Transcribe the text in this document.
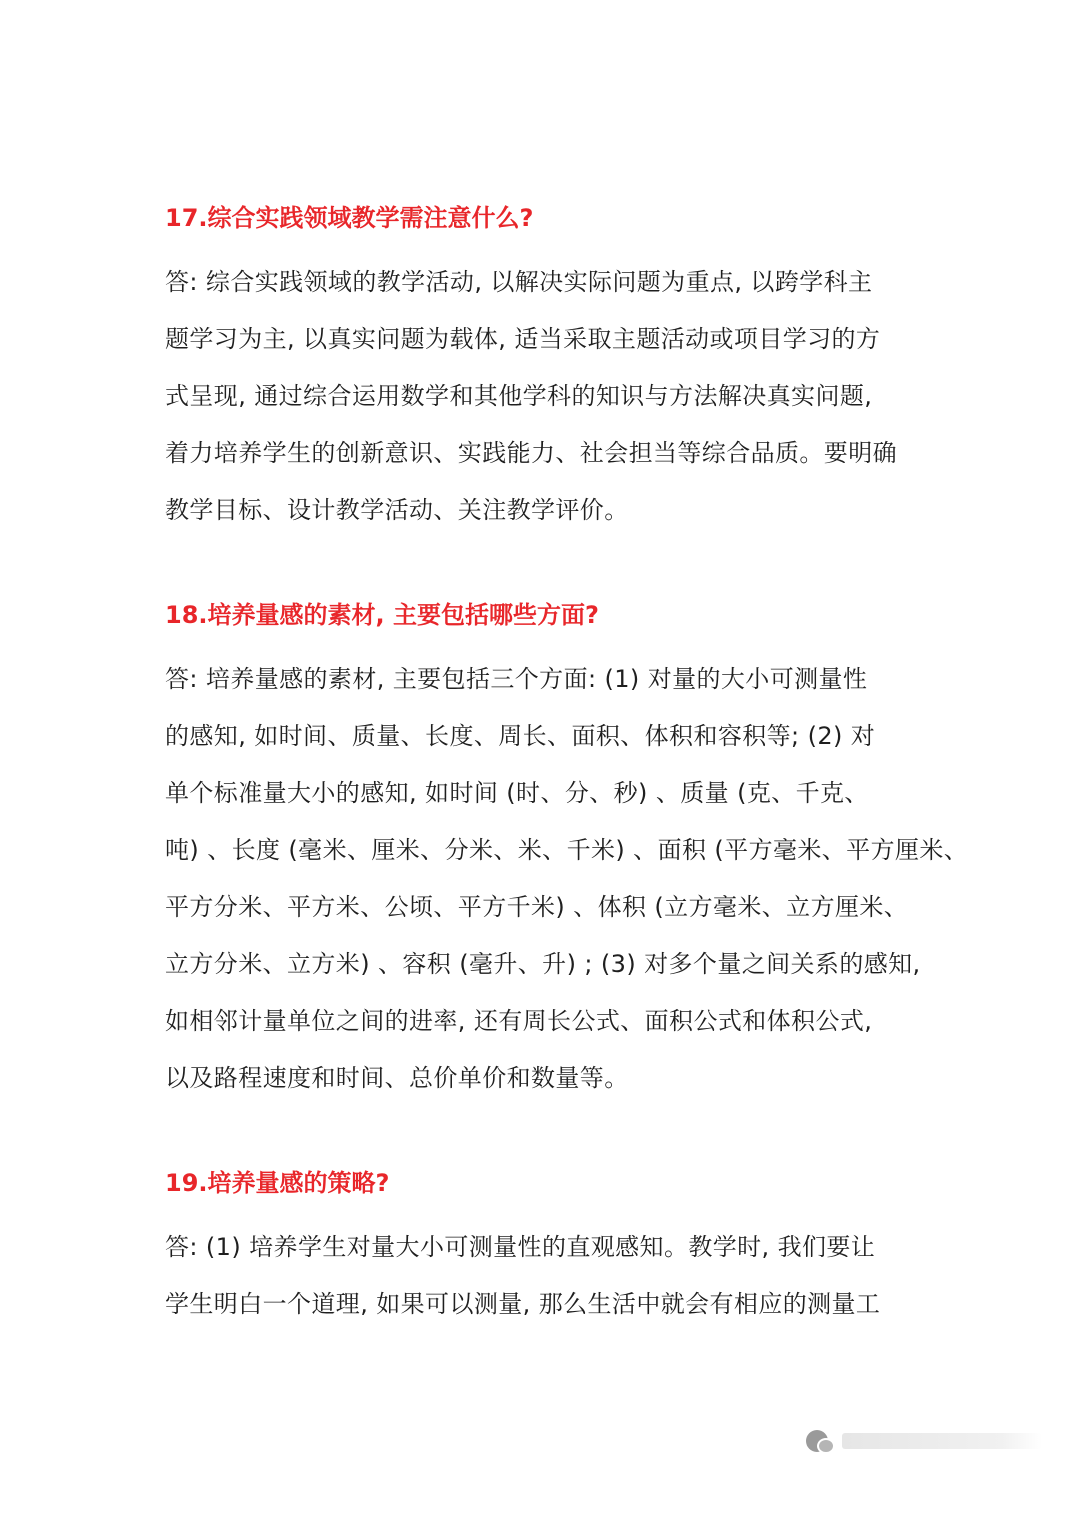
17.综合实践领域教学需注意什么?
答: 综合实践领域的教学活动, 以解决实际问题为重点, 以跨学科主
题学习为主, 以真实问题为载体, 适当采取主题活动或项目学习的方
式呈现, 通过综合运用数学和其他学科的知识与方法解决真实问题,
着力培养学生的创新意识、实践能力、社会担当等综合品质。要明确
教学目标、设计教学活动、关注教学评价。
18.培养量感的素材, 主要包括哪些方面?
答: 培养量感的素材, 主要包括三个方面: (1) 对量的大小可测量性
的感知, 如时间、质量、长度、周长、面积、体积和容积等; (2) 对
单个标准量大小的感知, 如时间 (时、分、秒) 、质量 (克、千克、
吨) 、长度 (毫米、厘米、分米、米、千米) 、面积 (平方毫米、平方厘米、
平方分米、平方米、公顷、平方千米) 、体积 (立方毫米、立方厘米、
立方分米、立方米) 、容积 (毫升、升) ; (3) 对多个量之间关系的感知,
如相邻计量单位之间的进率, 还有周长公式、面积公式和体积公式,
以及路程速度和时间、总价单价和数量等。
19.培养量感的策略?
答: (1) 培养学生对量大小可测量性的直观感知。教学时, 我们要让
学生明白一个道理, 如果可以测量, 那么生活中就会有相应的测量工
